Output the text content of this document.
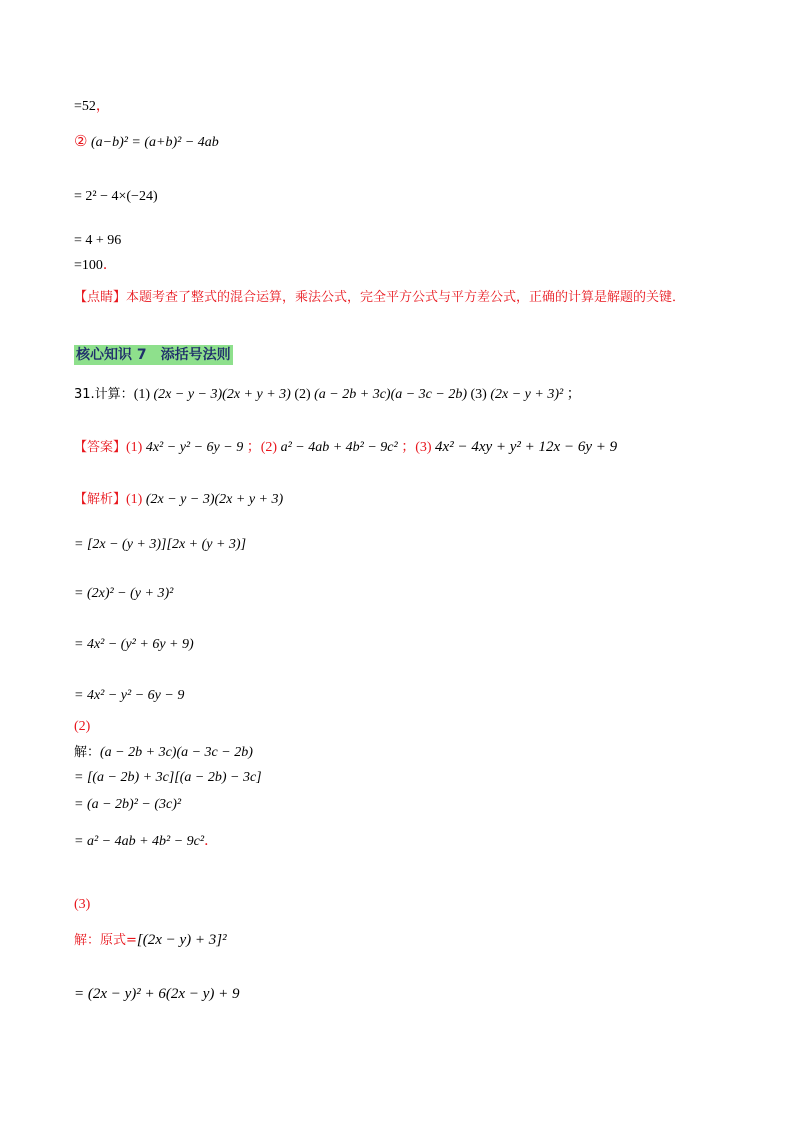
=52，
② (a−b)² = (a+b)² − 4ab
= 2² − 4×(−24)
= 4 + 96
=100．
【点睛】本题考查了整式的混合运算，乘法公式，完全平方公式与平方差公式，正确的计算是解题的关键．
核心知识 7　添括号法则
31.计算：(1) (2x − y − 3)(2x + y + 3) (2) (a − 2b + 3c)(a − 3c − 2b) (3) (2x − y + 3)² ；
【答案】(1) 4x² − y² − 6y − 9 ；(2) a² − 4ab + 4b² − 9c² ；(3) 4x² − 4xy + y² + 12x − 6y + 9
【解析】(1) (2x − y − 3)(2x + y + 3)
= [2x − (y + 3)][2x + (y + 3)]
= (2x)² − (y + 3)²
= 4x² − (y² + 6y + 9)
= 4x² − y² − 6y − 9
(2)
解：(a − 2b + 3c)(a − 3c − 2b)
= [(a − 2b) + 3c][(a − 2b) − 3c]
= (a − 2b)² − (3c)²
= a² − 4ab + 4b² − 9c²．
(3)
解：原式=[(2x − y) + 3]²
= (2x − y)² + 6(2x − y) + 9
